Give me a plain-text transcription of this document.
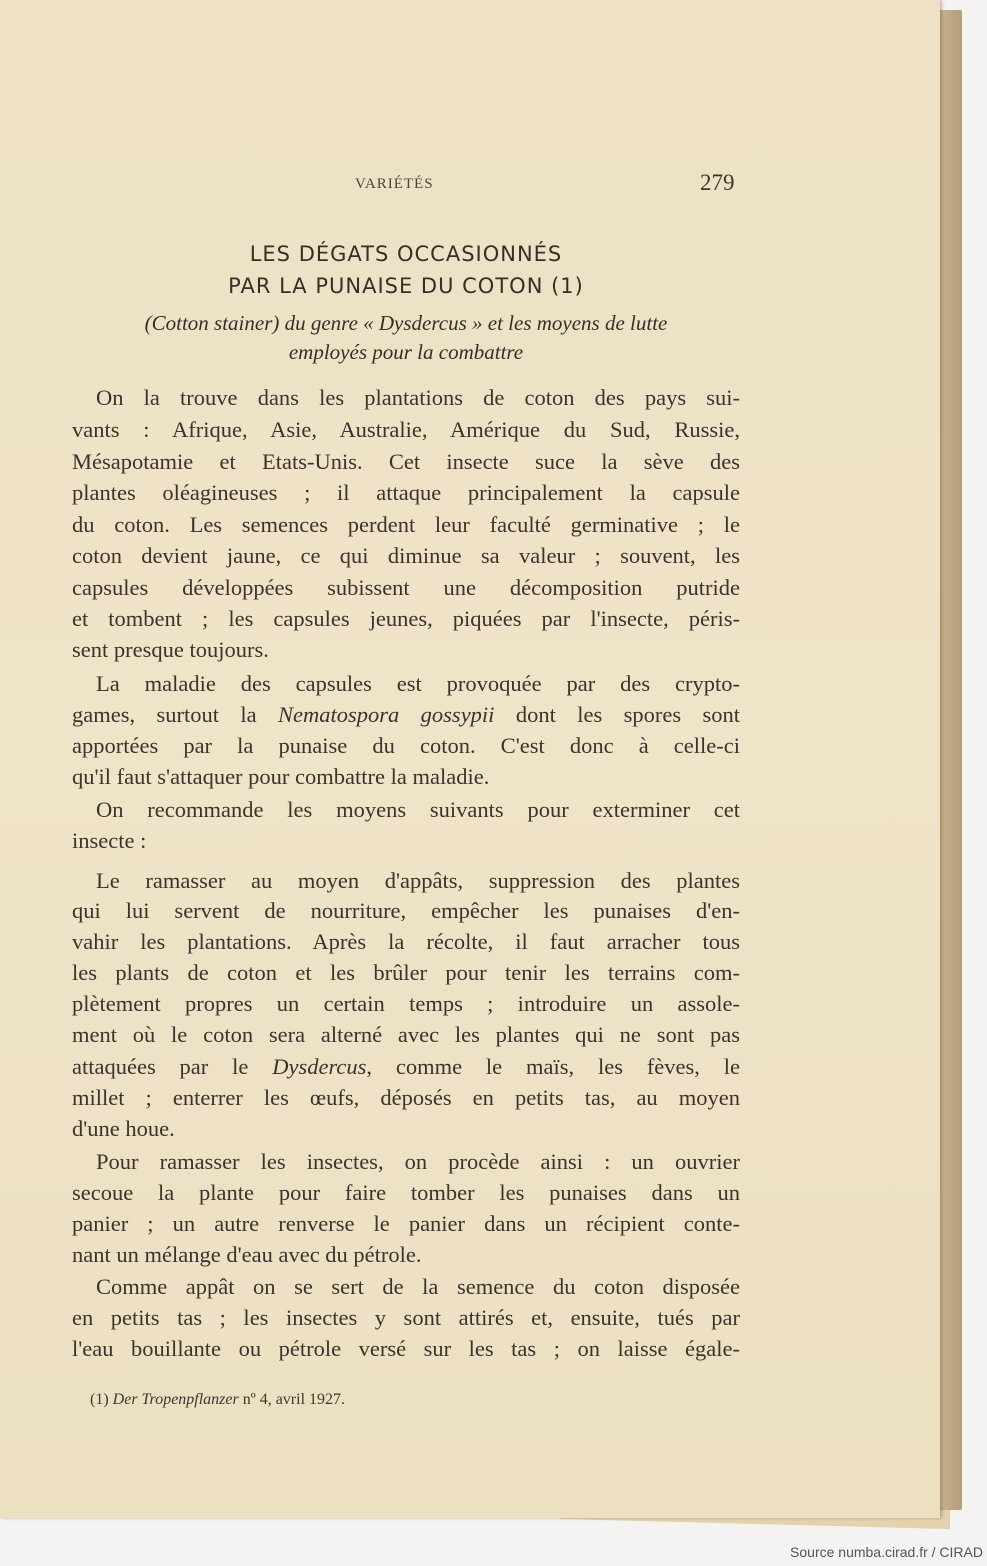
VARIÉTÉS	279
LES DÉGATS OCCASIONNÉS
PAR LA PUNAISE DU COTON (1)
(Cotton stainer) du genre « Dysdercus » et les moyens de lutte
employés pour la combattre
On la trouve dans les plantations de coton des pays sui-
vants : Afrique, Asie, Australie, Amérique du Sud, Russie,
Mésapotamie et Etats-Unis. Cet insecte suce la sève des
plantes oléagineuses ; il attaque principalement la capsule
du coton. Les semences perdent leur faculté germinative ; le
coton devient jaune, ce qui diminue sa valeur ; souvent, les
capsules développées subissent une décomposition putride
et tombent ; les capsules jeunes, piquées par l'insecte, péris-
sent presque toujours.
La maladie des capsules est provoquée par des crypto-
games, surtout la Nematospora gossypii dont les spores sont
apportées par la punaise du coton. C'est donc à celle-ci
qu'il faut s'attaquer pour combattre la maladie.
On recommande les moyens suivants pour exterminer cet
insecte :
Le ramasser au moyen d'appâts, suppression des plantes
qui lui servent de nourriture, empêcher les punaises d'en-
vahir les plantations. Après la récolte, il faut arracher tous
les plants de coton et les brûler pour tenir les terrains com-
plètement propres un certain temps ; introduire un assole-
ment où le coton sera alterné avec les plantes qui ne sont pas
attaquées par le Dysdercus, comme le maïs, les fèves, le
millet ; enterrer les œufs, déposés en petits tas, au moyen
d'une houe.
Pour ramasser les insectes, on procède ainsi : un ouvrier
secoue la plante pour faire tomber les punaises dans un
panier ; un autre renverse le panier dans un récipient conte-
nant un mélange d'eau avec du pétrole.
Comme appât on se sert de la semence du coton disposée
en petits tas ; les insectes y sont attirés et, ensuite, tués par
l'eau bouillante ou pétrole versé sur les tas ; on laisse égale-
(1) Der Tropenpflanzer nº 4, avril 1927.
Source numba.cirad.fr / CIRAD
